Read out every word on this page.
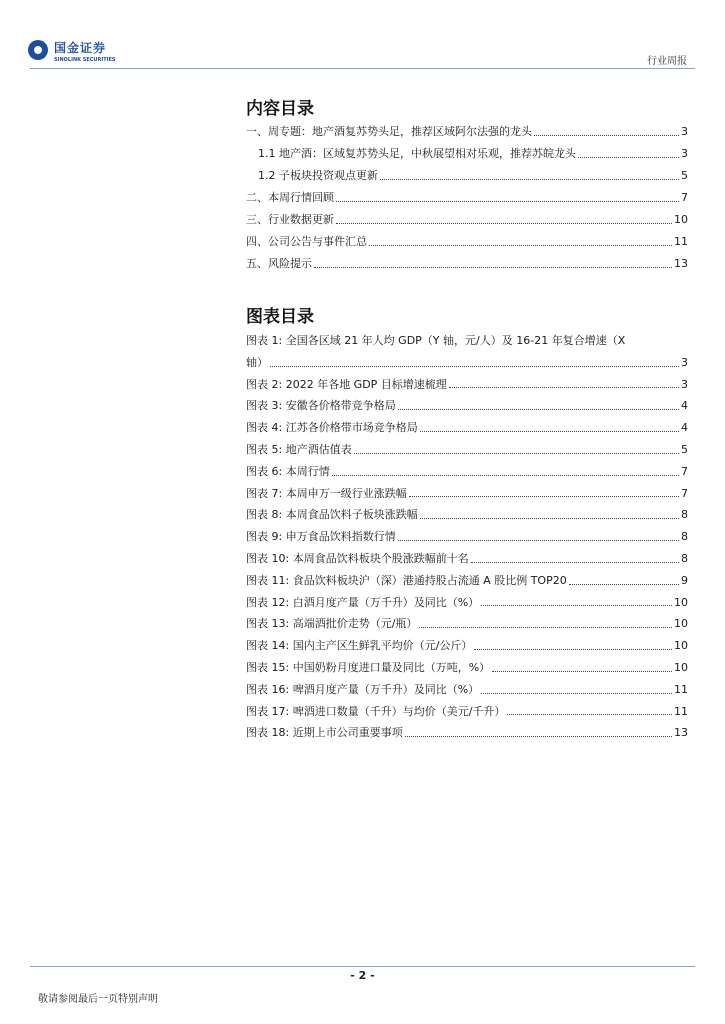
国金证券
SINOLINK SECURITIES	行业周报
内容目录
一、周专题：地产酒复苏势头足，推荐区域阿尔法强的龙头	3
1.1 地产酒：区域复苏势头足，中秋展望相对乐观，推荐苏皖龙头	3
1.2 子板块投资观点更新	5
二、本周行情回顾	7
三、行业数据更新	10
四、公司公告与事件汇总	11
五、风险提示	13
图表目录
图表 1: 全国各区域 21 年人均 GDP（Y 轴，元/人）及 16-21 年复合增速（X
轴）	3
图表 2: 2022 年各地 GDP 目标增速梳理	3
图表 3: 安徽各价格带竞争格局	4
图表 4: 江苏各价格带市场竞争格局	4
图表 5: 地产酒估值表	5
图表 6: 本周行情	7
图表 7: 本周申万一级行业涨跌幅	7
图表 8: 本周食品饮料子板块涨跌幅	8
图表 9: 申万食品饮料指数行情	8
图表 10: 本周食品饮料板块个股涨跌幅前十名	8
图表 11: 食品饮料板块沪（深）港通持股占流通 A 股比例 TOP20	9
图表 12: 白酒月度产量（万千升）及同比（%）	10
图表 13: 高端酒批价走势（元/瓶）	10
图表 14: 国内主产区生鲜乳平均价（元/公斤）	10
图表 15: 中国奶粉月度进口量及同比（万吨，%）	10
图表 16: 啤酒月度产量（万千升）及同比（%）	11
图表 17: 啤酒进口数量（千升）与均价（美元/千升）	11
图表 18: 近期上市公司重要事项	13
- 2 -
敬请参阅最后一页特别声明
